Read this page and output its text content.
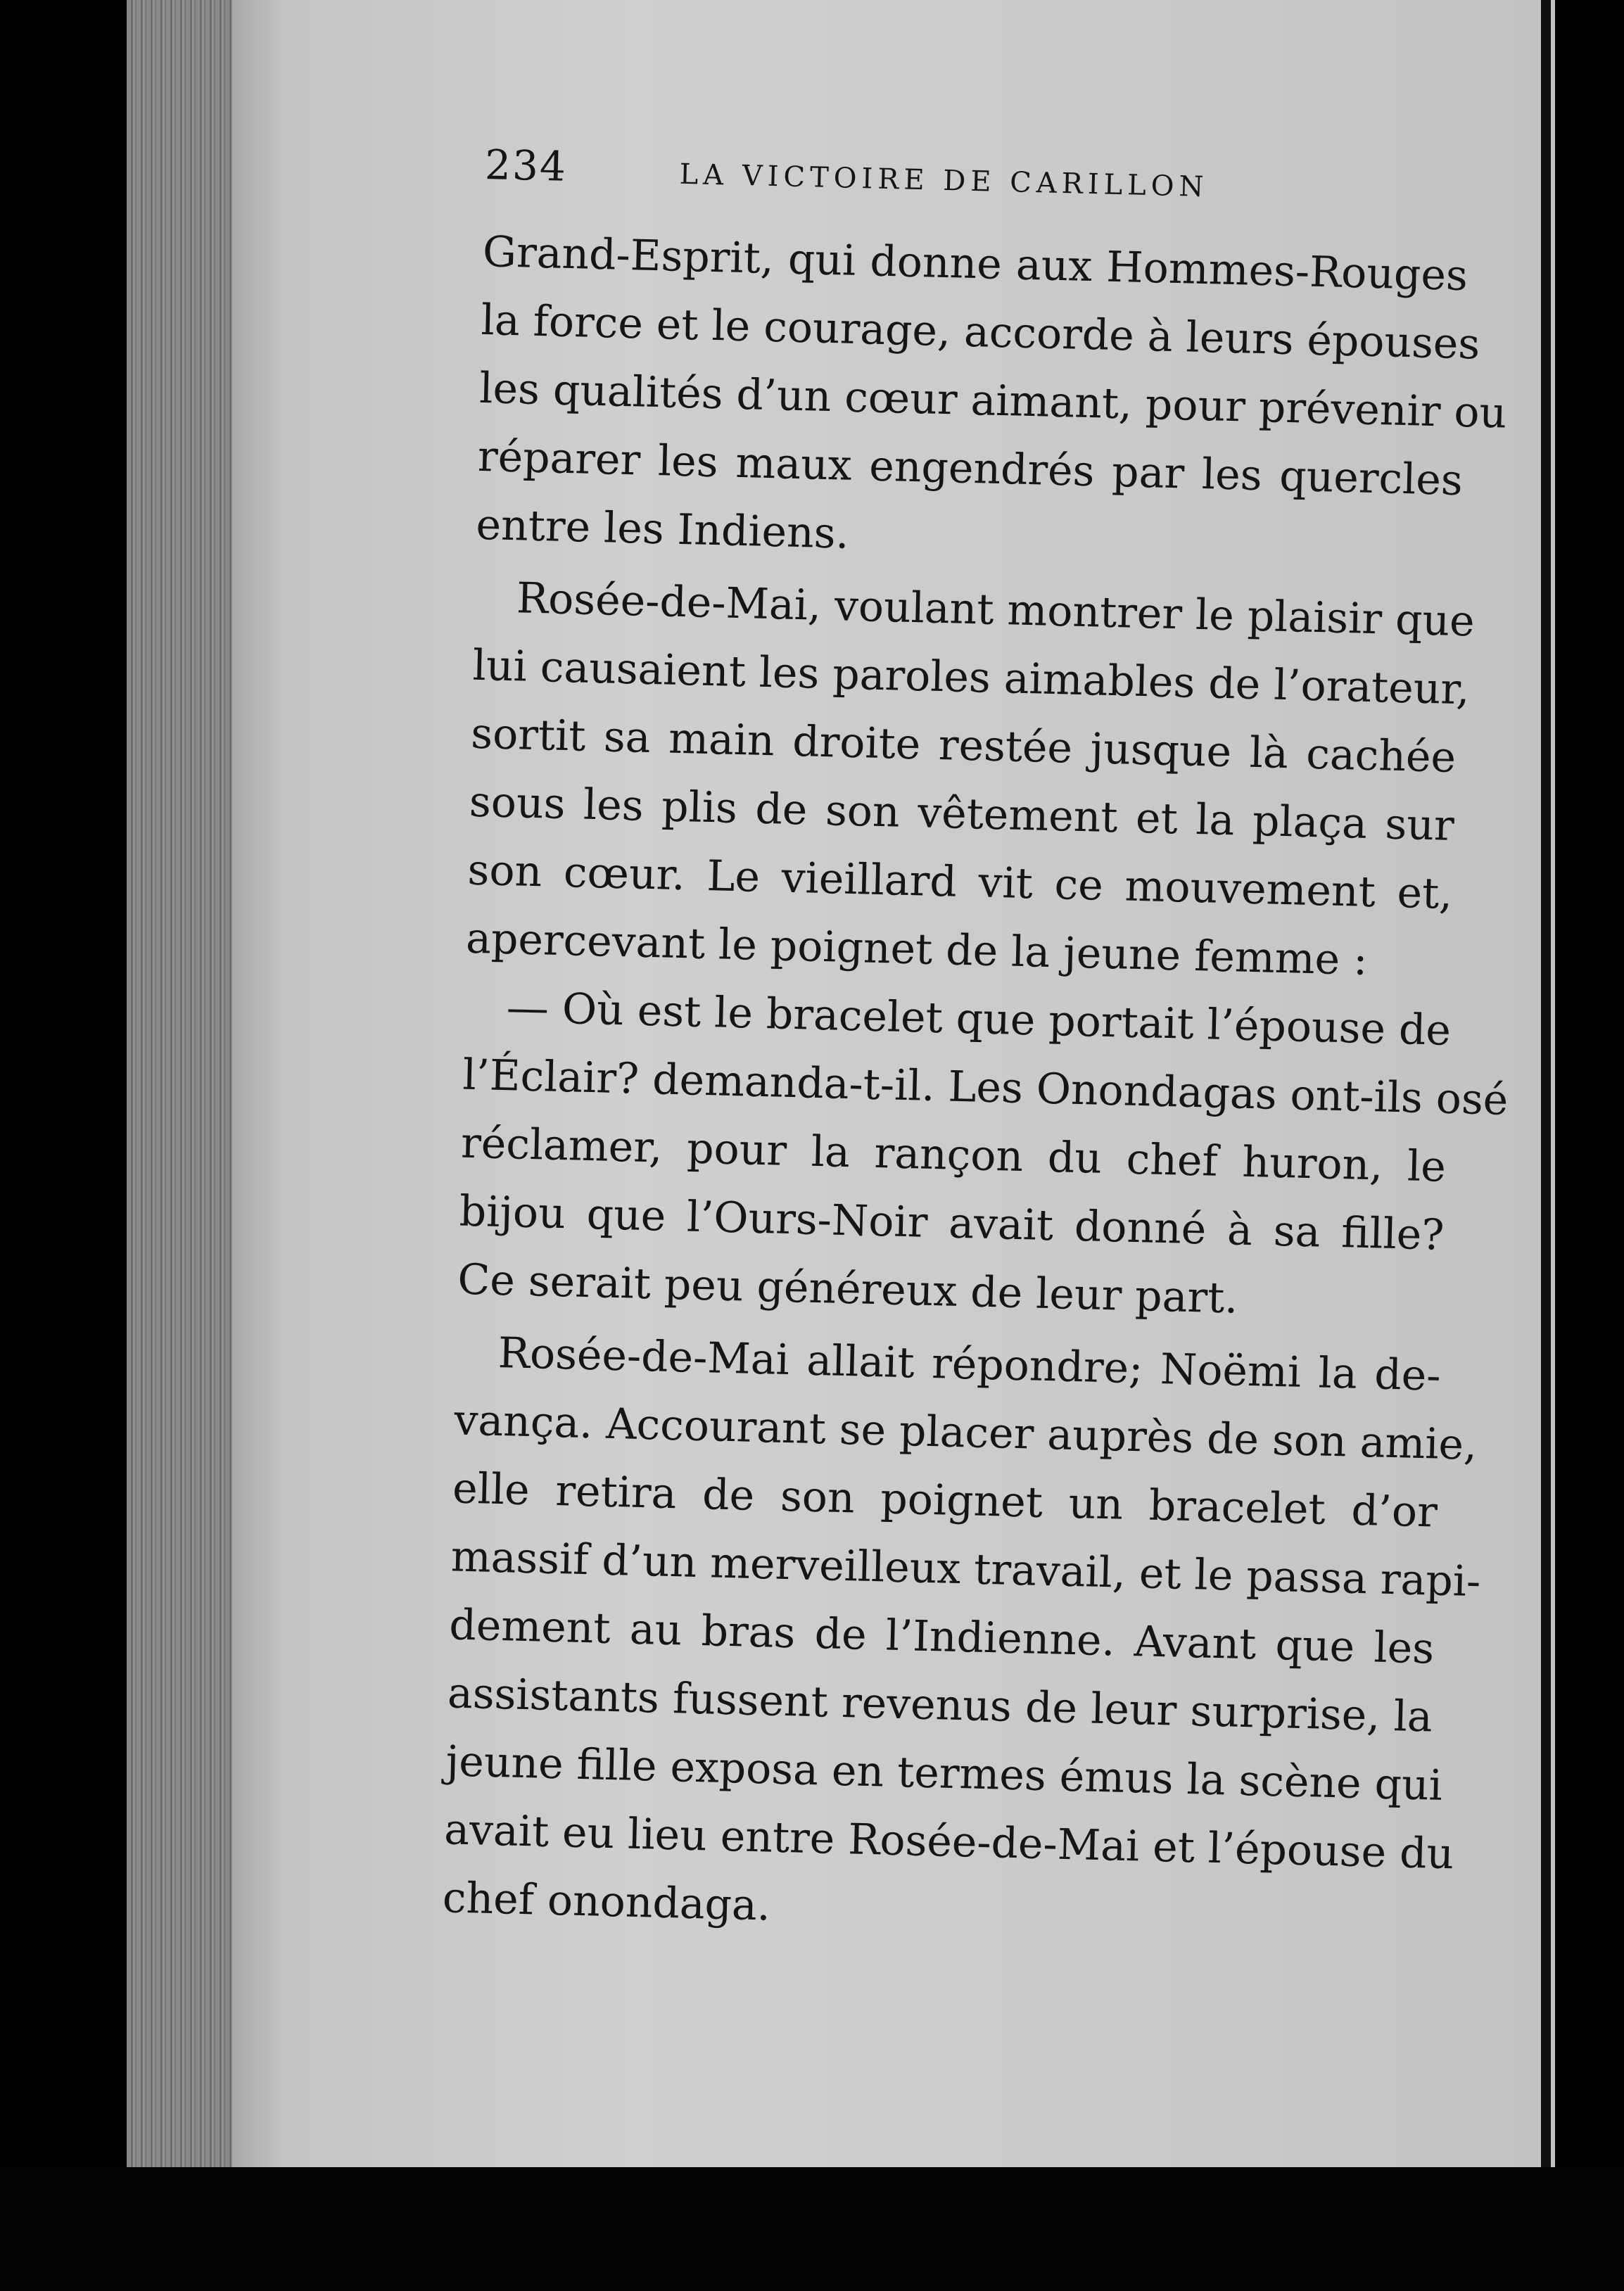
234	LA VICTOIRE DE CARILLON
Grand-Esprit, qui donne aux Hommes-Rouges
la force et le courage, accorde à leurs épouses
les qualités d’un cœur aimant, pour prévenir ou
réparer les maux engendrés par les quercles
entre les Indiens.
Rosée-de-Mai, voulant montrer le plaisir que
lui causaient les paroles aimables de l’orateur,
sortit sa main droite restée jusque là cachée
sous les plis de son vêtement et la plaça sur
son cœur. Le vieillard vit ce mouvement et,
apercevant le poignet de la jeune femme :
— Où est le bracelet que portait l’épouse de
l’Éclair? demanda-t-il. Les Onondagas ont-ils osé
réclamer, pour la rançon du chef huron, le
bijou que l’Ours-Noir avait donné à sa fille?
Ce serait peu généreux de leur part.
Rosée-de-Mai allait répondre; Noëmi la de-
vança. Accourant se placer auprès de son amie,
elle retira de son poignet un bracelet d’or
massif d’un merveilleux travail, et le passa rapi-
dement au bras de l’Indienne. Avant que les
assistants fussent revenus de leur surprise, la
jeune fille exposa en termes émus la scène qui
avait eu lieu entre Rosée-de-Mai et l’épouse du
chef onondaga.
